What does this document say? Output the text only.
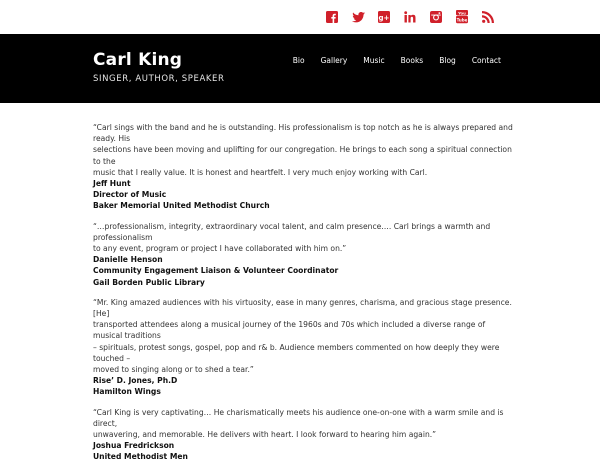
g+
You
Tube
Carl King
SINGER, AUTHOR, SPEAKER
Bio Gallery Music Books Blog Contact
“Carl sings with the band and he is outstanding. His professionalism is top notch as he is always prepared and ready. His
selections have been moving and uplifting for our congregation. He brings to each song a spiritual connection to the
music that I really value. It is honest and heartfelt. I very much enjoy working with Carl.
Jeff Hunt
Director of Music
Baker Memorial United Methodist Church
“…professionalism, integrity, extraordinary vocal talent, and calm presence…. Carl brings a warmth and professionalism
to any event, program or project I have collaborated with him on.”
Danielle Henson
Community Engagement Liaison & Volunteer Coordinator
Gail Borden Public Library
“Mr. King amazed audiences with his virtuosity, ease in many genres, charisma, and gracious stage presence. [He]
transported attendees along a musical journey of the 1960s and 70s which included a diverse range of musical traditions
– spirituals, protest songs, gospel, pop and r& b. Audience members commented on how deeply they were touched –
moved to singing along or to shed a tear.”
Rise’ D. Jones, Ph.D
Hamilton Wings
“Carl King is very captivating… He charismatically meets his audience one-on-one with a warm smile and is direct,
unwavering, and memorable. He delivers with heart. I look forward to hearing him again.”
Joshua Fredrickson
United Methodist Men
